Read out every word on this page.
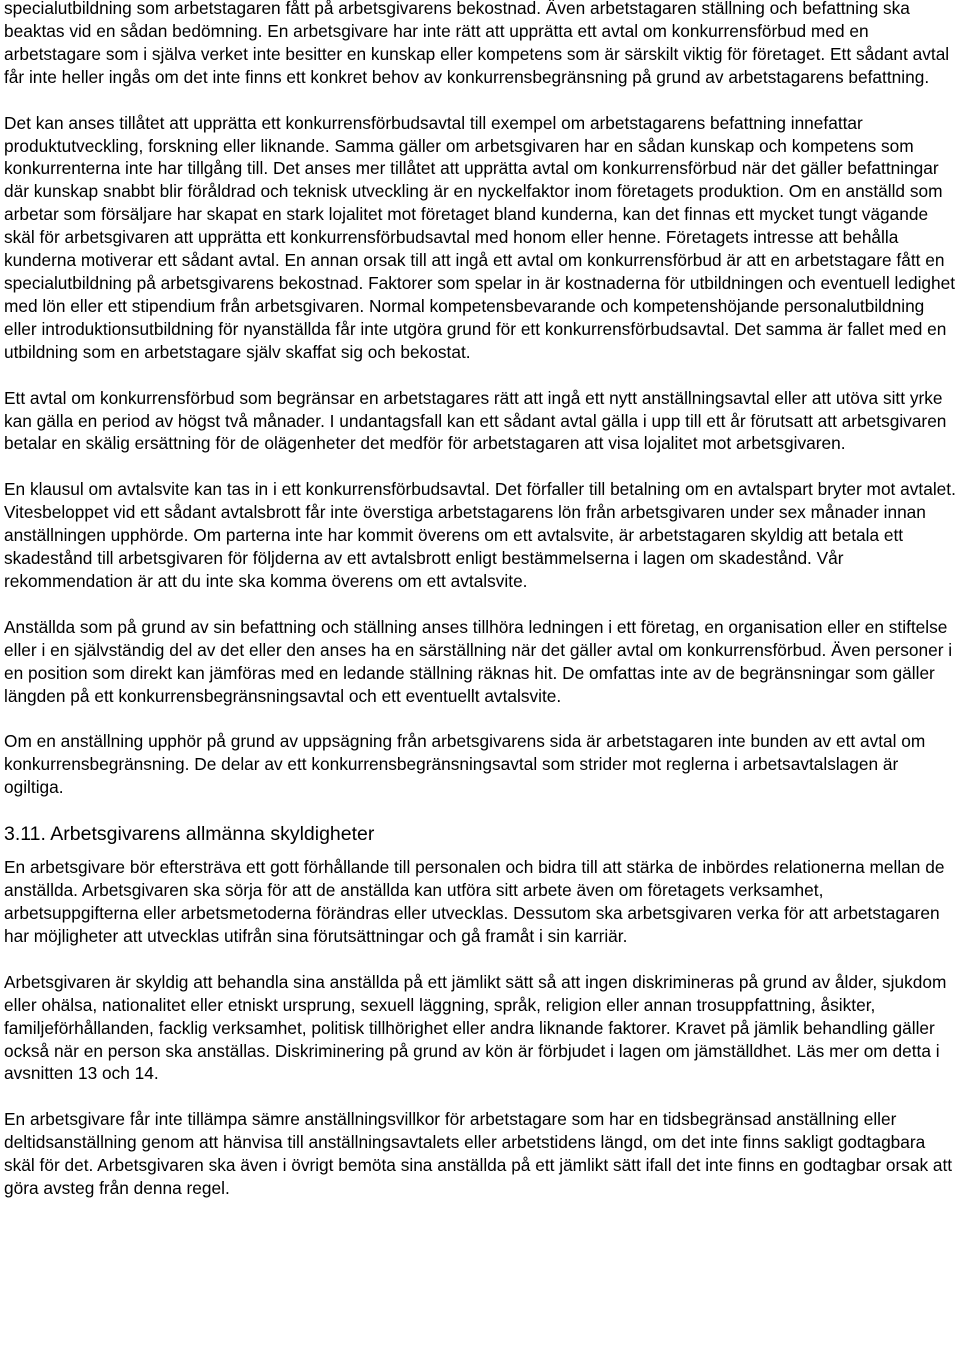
specialutbildning som arbetstagaren fått på arbetsgivarens bekostnad. Även arbetstagaren ställning och befattning ska beaktas vid en sådan bedömning. En arbetsgivare har inte rätt att upprätta ett avtal om konkurrensförbud med en arbetstagare som i själva verket inte besitter en kunskap eller kompetens som är särskilt viktig för företaget. Ett sådant avtal får inte heller ingås om det inte finns ett konkret behov av konkurrensbegränsning på grund av arbetstagarens befattning.

Det kan anses tillåtet att upprätta ett konkurrensförbudsavtal till exempel om arbetstagarens befattning innefattar produktutveckling, forskning eller liknande. Samma gäller om arbetsgivaren har en sådan kunskap och kompetens som konkurrenterna inte har tillgång till. Det anses mer tillåtet att upprätta avtal om konkurrensförbud när det gäller befattningar där kunskap snabbt blir föråldrad och teknisk utveckling är en nyckelfaktor inom företagets produktion. Om en anställd som arbetar som försäljare har skapat en stark lojalitet mot företaget bland kunderna, kan det finnas ett mycket tungt vägande skäl för arbetsgivaren att upprätta ett konkurrensförbudsavtal med honom eller henne. Företagets intresse att behålla kunderna motiverar ett sådant avtal. En annan orsak till att ingå ett avtal om konkurrensförbud är att en arbetstagare fått en specialutbildning på arbetsgivarens bekostnad. Faktorer som spelar in är kostnaderna för utbildningen och eventuell ledighet med lön eller ett stipendium från arbetsgivaren. Normal kompetensbevarande och kompetenshöjande personalutbildning eller introduktionsutbildning för nyanställda får inte utgöra grund för ett konkurrensförbudsavtal. Det samma är fallet med en utbildning som en arbetstagare själv skaffat sig och bekostat.

Ett avtal om konkurrensförbud som begränsar en arbetstagares rätt att ingå ett nytt anställningsavtal eller att utöva sitt yrke kan gälla en period av högst två månader. I undantagsfall kan ett sådant avtal gälla i upp till ett år förutsatt att arbetsgivaren betalar en skälig ersättning för de olägenheter det medför för arbetstagaren att visa lojalitet mot arbetsgivaren.

En klausul om avtalsvite kan tas in i ett konkurrensförbudsavtal. Det förfaller till betalning om en avtalspart bryter mot avtalet. Vitesbeloppet vid ett sådant avtalsbrott får inte överstiga arbetstagarens lön från arbetsgivaren under sex månader innan anställningen upphörde. Om parterna inte har kommit överens om ett avtalsvite, är arbetstagaren skyldig att betala ett skadestånd till arbetsgivaren för följderna av ett avtalsbrott enligt bestämmelserna i lagen om skadestånd. Vår rekommendation är att du inte ska komma överens om ett avtalsvite.

Anställda som på grund av sin befattning och ställning anses tillhöra ledningen i ett företag, en organisation eller en stiftelse eller i en självständig del av det eller den anses ha en särställning när det gäller avtal om konkurrensförbud. Även personer i en position som direkt kan jämföras med en ledande ställning räknas hit. De omfattas inte av de begränsningar som gäller längden på ett konkurrensbegränsningsavtal och ett eventuellt avtalsvite.

Om en anställning upphör på grund av uppsägning från arbetsgivarens sida är arbetstagaren inte bunden av ett avtal om konkurrensbegränsning. De delar av ett konkurrensbegränsningsavtal som strider mot reglerna i arbetsavtalslagen är ogiltiga.

3.11. Arbetsgivarens allmänna skyldigheter

En arbetsgivare bör eftersträva ett gott förhållande till personalen och bidra till att stärka de inbördes relationerna mellan de anställda. Arbetsgivaren ska sörja för att de anställda kan utföra sitt arbete även om företagets verksamhet, arbetsuppgifterna eller arbetsmetoderna förändras eller utvecklas. Dessutom ska arbetsgivaren verka för att arbetstagaren har möjligheter att utvecklas utifrån sina förutsättningar och gå framåt i sin karriär.

Arbetsgivaren är skyldig att behandla sina anställda på ett jämlikt sätt så att ingen diskrimineras på grund av ålder, sjukdom eller ohälsa, nationalitet eller etniskt ursprung, sexuell läggning, språk, religion eller annan trosuppfattning, åsikter, familjeförhållanden, facklig verksamhet, politisk tillhörighet eller andra liknande faktorer. Kravet på jämlik behandling gäller också när en person ska anställas. Diskriminering på grund av kön är förbjudet i lagen om jämställdhet. Läs mer om detta i avsnitten 13 och 14.

En arbetsgivare får inte tillämpa sämre anställningsvillkor för arbetstagare som har en tidsbegränsad anställning eller deltidsanställning genom att hänvisa till anställningsavtalets eller arbetstidens längd, om det inte finns sakligt godtagbara skäl för det. Arbetsgivaren ska även i övrigt bemöta sina anställda på ett jämlikt sätt ifall det inte finns en godtagbar orsak att göra avsteg från denna regel.
